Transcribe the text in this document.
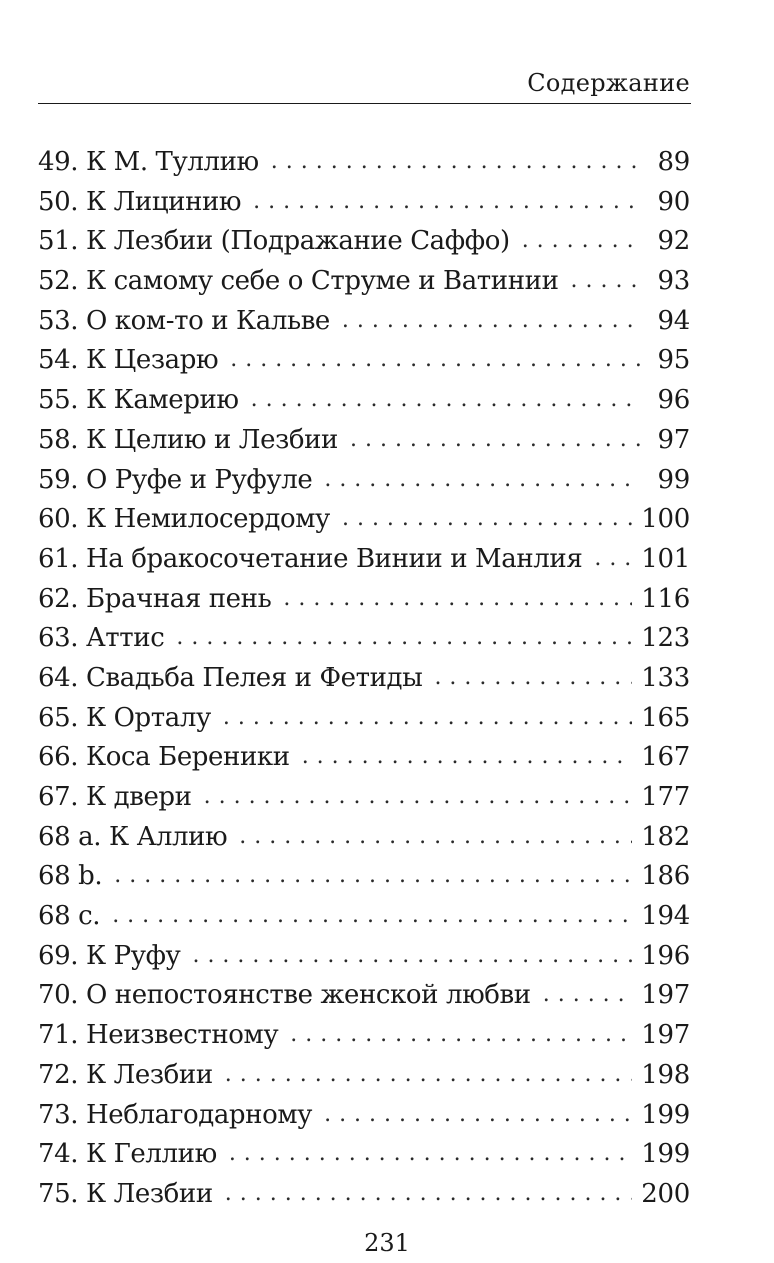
Содержание
49. К М. Туллию . . .	89
50. К Лицинию . . .	90
51. К Лезбии (Подражание Саффо) . . .	92
52. К самому себе о Струме и Ватинии . . .	93
53. О ком-то и Кальве . . .	94
54. К Цезарю . . .	95
55. К Камерию . . .	96
58. К Целию и Лезбии . . .	97
59. О Руфе и Руфуле . . .	99
60. К Немилосердому . . .	100
61. На бракосочетание Винии и Манлия . . . 101
62. Брачная пень . . .	116
63. Аттис . . .	123
64. Свадьба Пелея и Фетиды . . .	133
65. К Орталу . . .	165
66. Коса Береники . . .	167
67. К двери . . .	177
68 а. К Аллию . . .	182
68 b. . . .	186
68 с. . . .	194
69. К Руфу . . .	196
70. О непостоянстве женской любви . . .	197
71. Неизвестному . . .	197
72. К Лезбии . . .	198
73. Неблагодарному . . .	199
74. К Геллию . . .	199
75. К Лезбии . . .	200
231
